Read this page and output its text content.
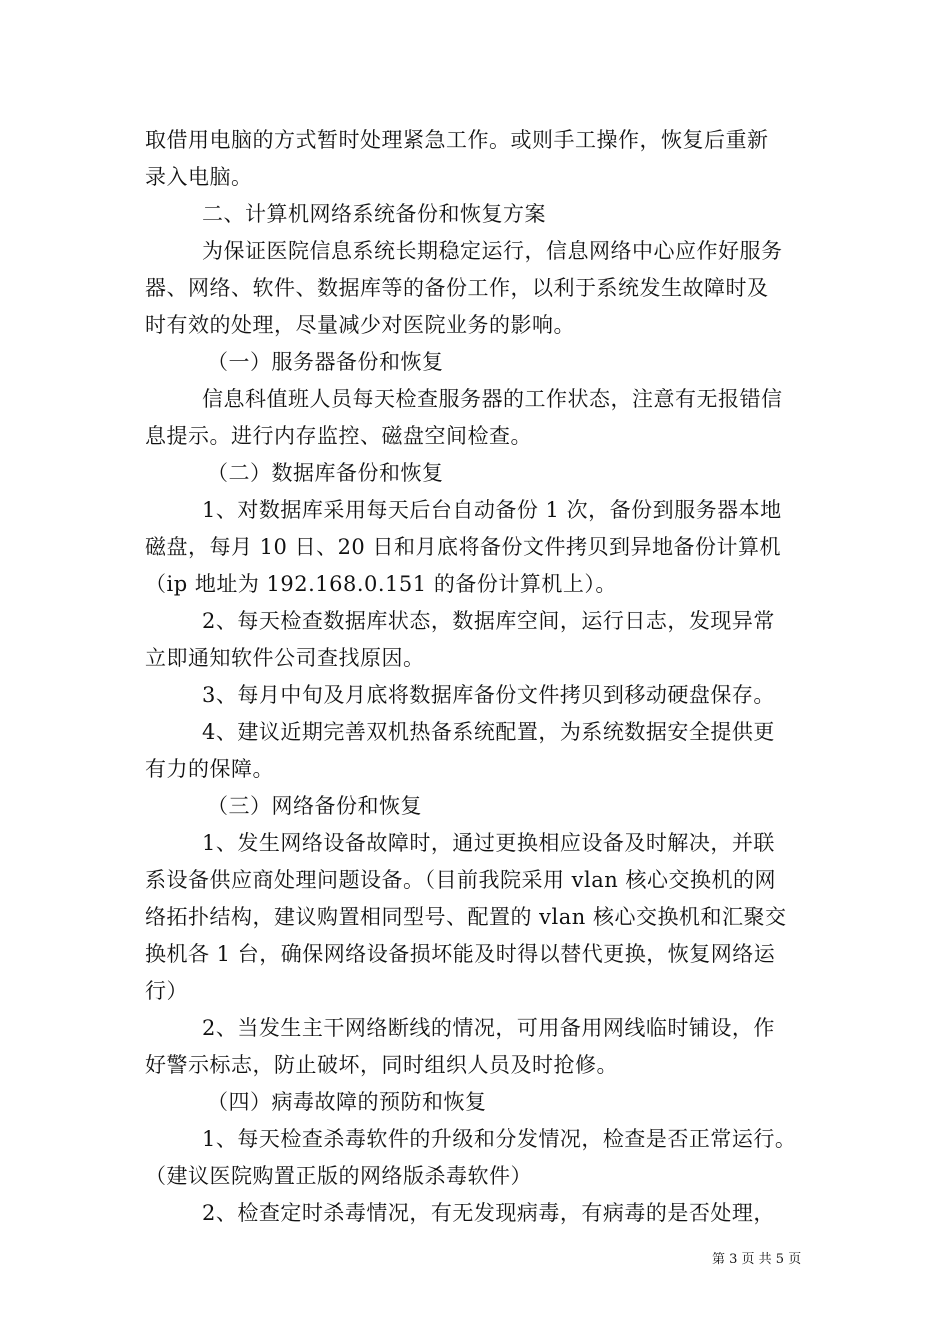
取借用电脑的方式暂时处理紧急工作。或则手工操作，恢复后重新
录入电脑。
二、计算机网络系统备份和恢复方案
为保证医院信息系统长期稳定运行，信息网络中心应作好服务
器、网络、软件、数据库等的备份工作，以利于系统发生故障时及
时有效的处理，尽量减少对医院业务的影响。
（一）服务器备份和恢复
信息科值班人员每天检查服务器的工作状态，注意有无报错信
息提示。进行内存监控、磁盘空间检查。
（二）数据库备份和恢复
1、对数据库采用每天后台自动备份 1 次，备份到服务器本地
磁盘，每月 10 日、20 日和月底将备份文件拷贝到异地备份计算机
（ip 地址为 192.168.0.151 的备份计算机上）。
2、每天检查数据库状态，数据库空间，运行日志，发现异常
立即通知软件公司查找原因。
3、每月中旬及月底将数据库备份文件拷贝到移动硬盘保存。
4、建议近期完善双机热备系统配置，为系统数据安全提供更
有力的保障。
（三）网络备份和恢复
1、发生网络设备故障时，通过更换相应设备及时解决，并联
系设备供应商处理问题设备。（目前我院采用 vlan 核心交换机的网
络拓扑结构，建议购置相同型号、配置的 vlan 核心交换机和汇聚交
换机各 1 台，确保网络设备损坏能及时得以替代更换，恢复网络运
行）
2、当发生主干网络断线的情况，可用备用网线临时铺设，作
好警示标志，防止破坏，同时组织人员及时抢修。
（四）病毒故障的预防和恢复
1、每天检查杀毒软件的升级和分发情况，检查是否正常运行。
（建议医院购置正版的网络版杀毒软件）
2、检查定时杀毒情况，有无发现病毒，有病毒的是否处理，
第 3 页 共 5 页
